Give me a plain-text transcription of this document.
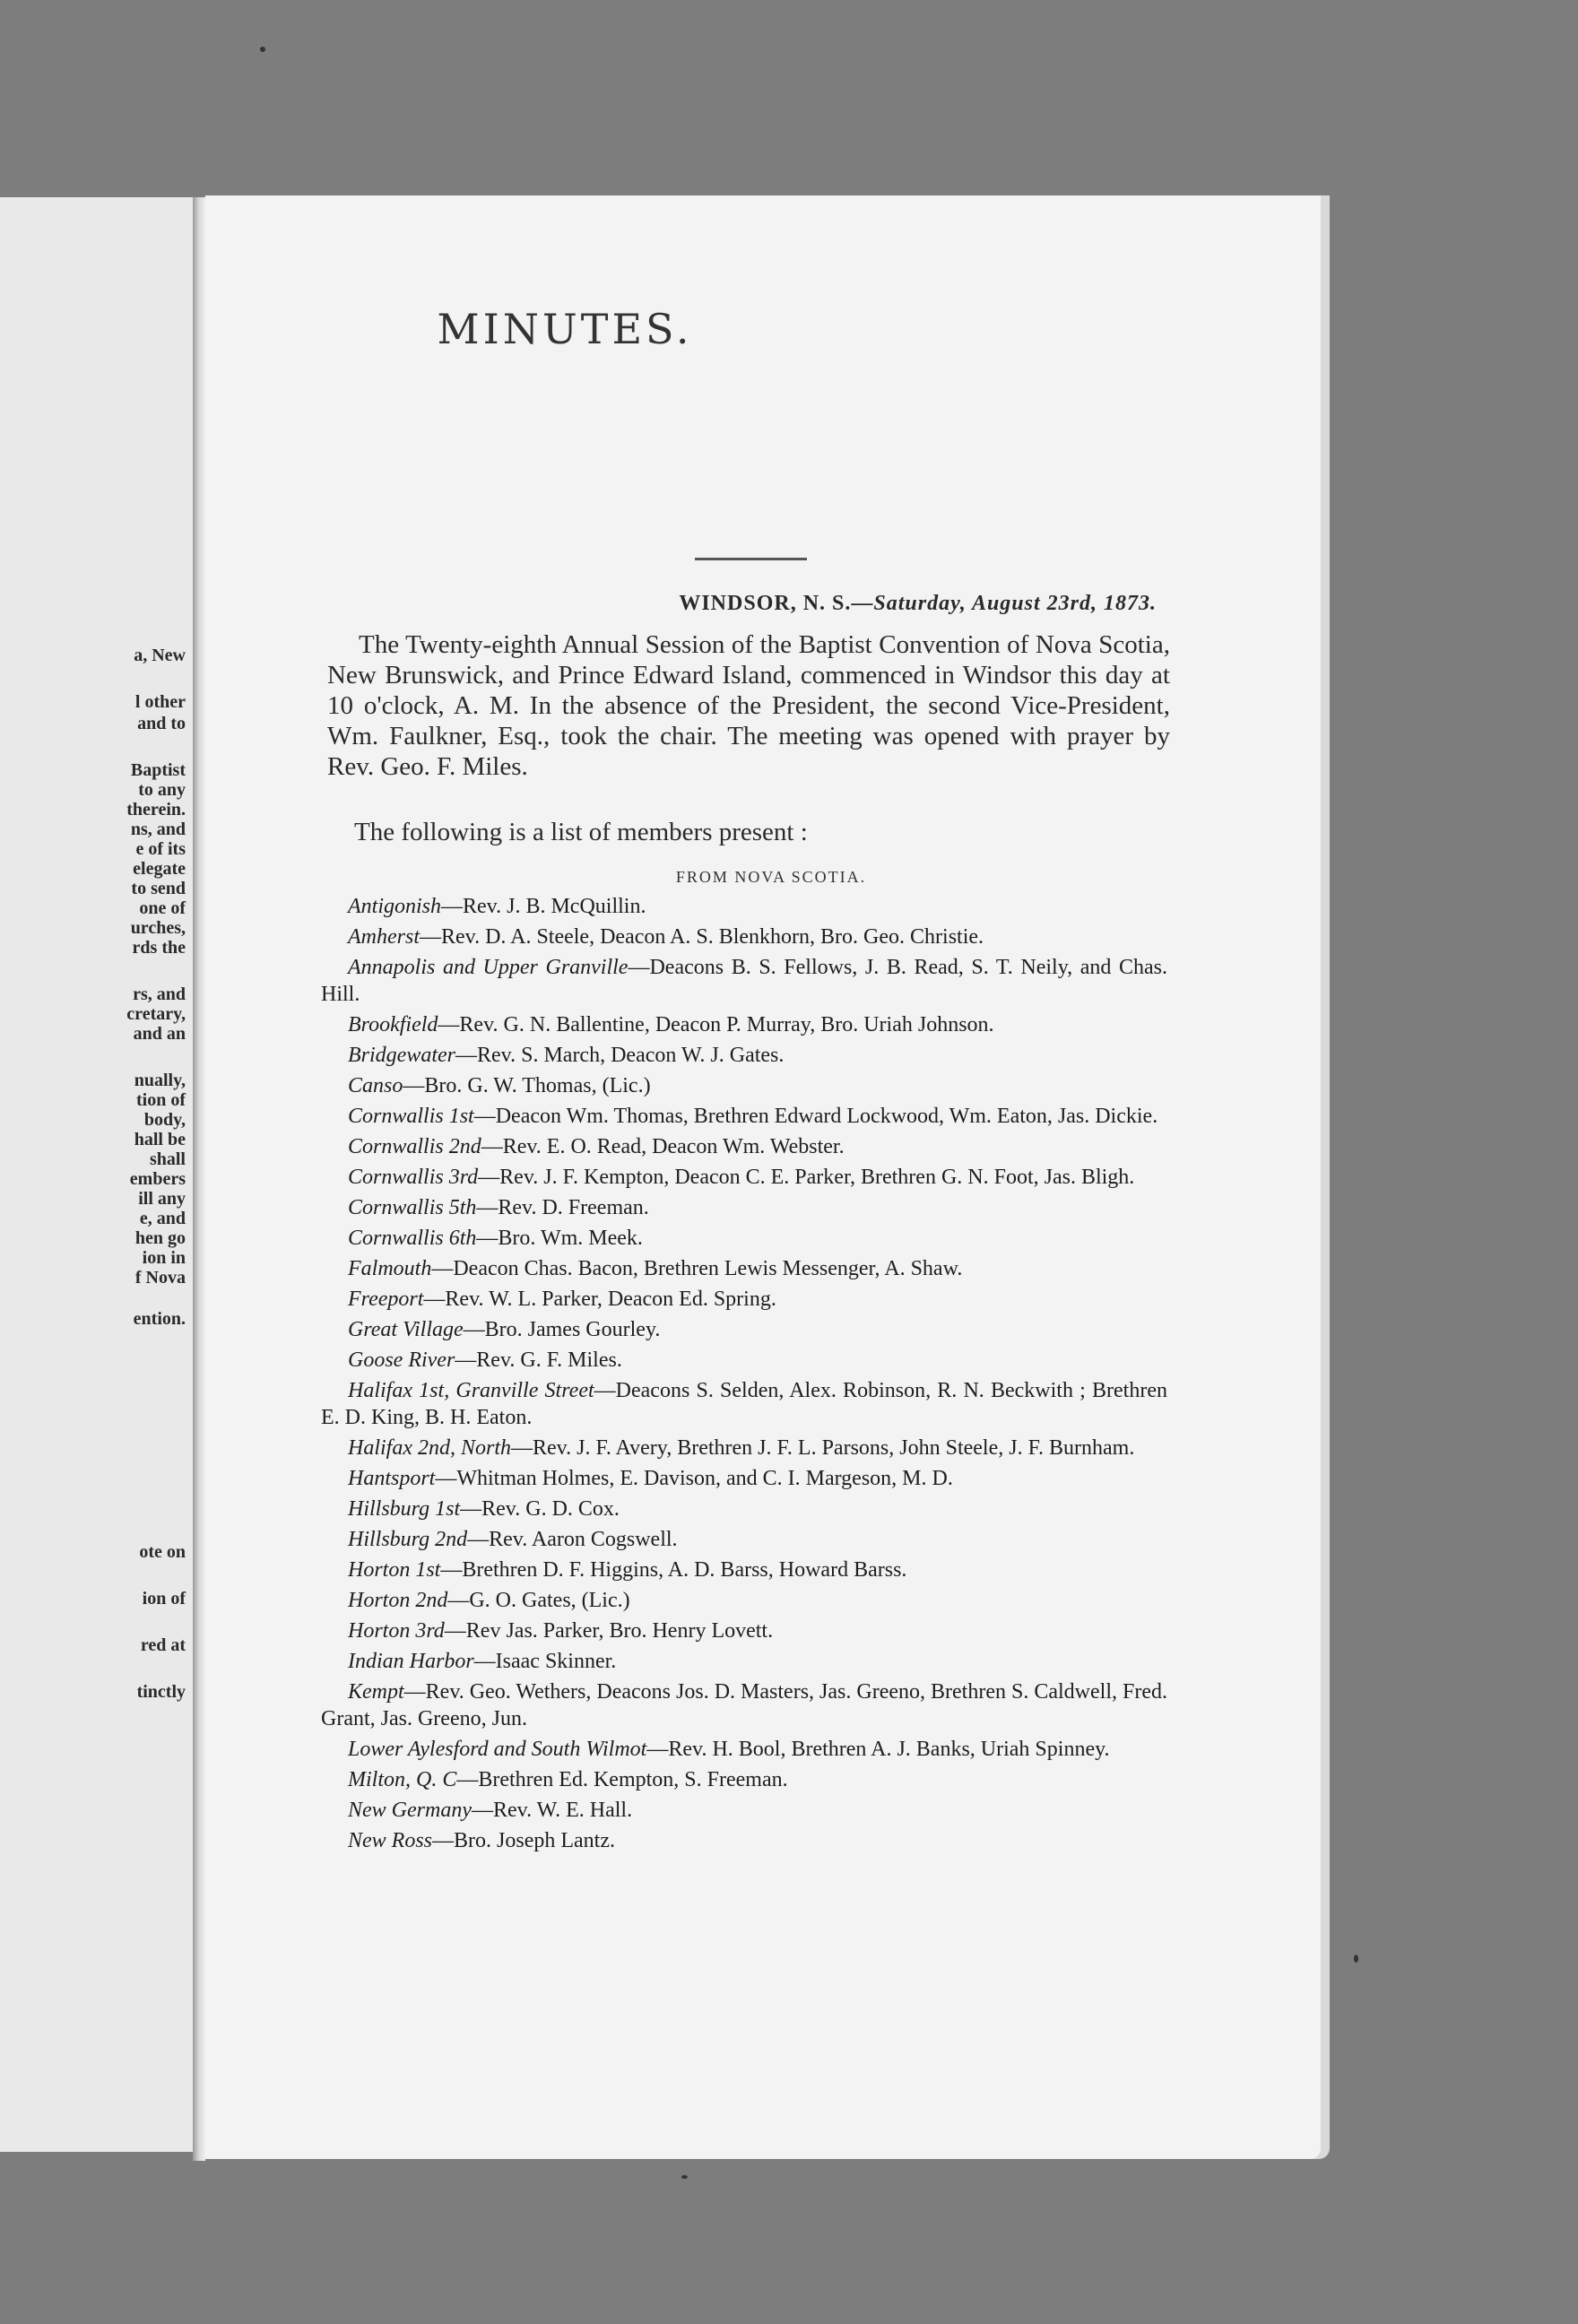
a, New
l other
and to
Baptist
to any
therein.
ns, and
e of its
elegate
to send
one of
urches,
rds the
rs, and
cretary,
and an
nually,
tion of
body,
hall be
shall
embers
ill any
e, and
hen go
ion in
f Nova
ention.
ote on
ion of
red at
tinctly
MINUTES.
WINDSOR, N. S.—Saturday, August 23rd, 1873.

The Twenty-eighth Annual Session of the Baptist Convention of Nova Scotia, New Brunswick, and Prince Edward Island, commenced in Windsor this day at 10 o'clock, A. M. In the absence of the President, the second Vice-President, Wm. Faulkner, Esq., took the chair. The meeting was opened with prayer by Rev. Geo. F. Miles.

The following is a list of members present :
FROM NOVA SCOTIA.

Antigonish—Rev. J. B. McQuillin.

Amherst—Rev. D. A. Steele, Deacon A. S. Blenkhorn, Bro. Geo. Christie.

Annapolis and Upper Granville—Deacons B. S. Fellows, J. B. Read, S. T. Neily, and Chas. Hill.

Brookfield—Rev. G. N. Ballentine, Deacon P. Murray, Bro. Uriah Johnson.

Bridgewater—Rev. S. March, Deacon W. J. Gates.

Canso—Bro. G. W. Thomas, (Lic.)

Cornwallis 1st—Deacon Wm. Thomas, Brethren Edward Lockwood, Wm. Eaton, Jas. Dickie.

Cornwallis 2nd—Rev. E. O. Read, Deacon Wm. Webster.

Cornwallis 3rd—Rev. J. F. Kempton, Deacon C. E. Parker, Brethren G. N. Foot, Jas. Bligh.

Cornwallis 5th—Rev. D. Freeman.

Cornwallis 6th—Bro. Wm. Meek.

Falmouth—Deacon Chas. Bacon, Brethren Lewis Messenger, A. Shaw.

Freeport—Rev. W. L. Parker, Deacon Ed. Spring.

Great Village—Bro. James Gourley.

Goose River—Rev. G. F. Miles.

Halifax 1st, Granville Street—Deacons S. Selden, Alex. Robinson, R. N. Beckwith ; Brethren E. D. King, B. H. Eaton.

Halifax 2nd, North—Rev. J. F. Avery, Brethren J. F. L. Parsons, John Steele, J. F. Burnham.

Hantsport—Whitman Holmes, E. Davison, and C. I. Margeson, M. D.

Hillsburg 1st—Rev. G. D. Cox.

Hillsburg 2nd—Rev. Aaron Cogswell.

Horton 1st—Brethren D. F. Higgins, A. D. Barss, Howard Barss.

Horton 2nd—G. O. Gates, (Lic.)

Horton 3rd—Rev Jas. Parker, Bro. Henry Lovett.

Indian Harbor—Isaac Skinner.

Kempt—Rev. Geo. Wethers, Deacons Jos. D. Masters, Jas. Greeno, Brethren S. Caldwell, Fred. Grant, Jas. Greeno, Jun.

Lower Aylesford and South Wilmot—Rev. H. Bool, Brethren A. J. Banks, Uriah Spinney.

Milton, Q. C—Brethren Ed. Kempton, S. Freeman.

New Germany—Rev. W. E. Hall.

New Ross—Bro. Joseph Lantz.
